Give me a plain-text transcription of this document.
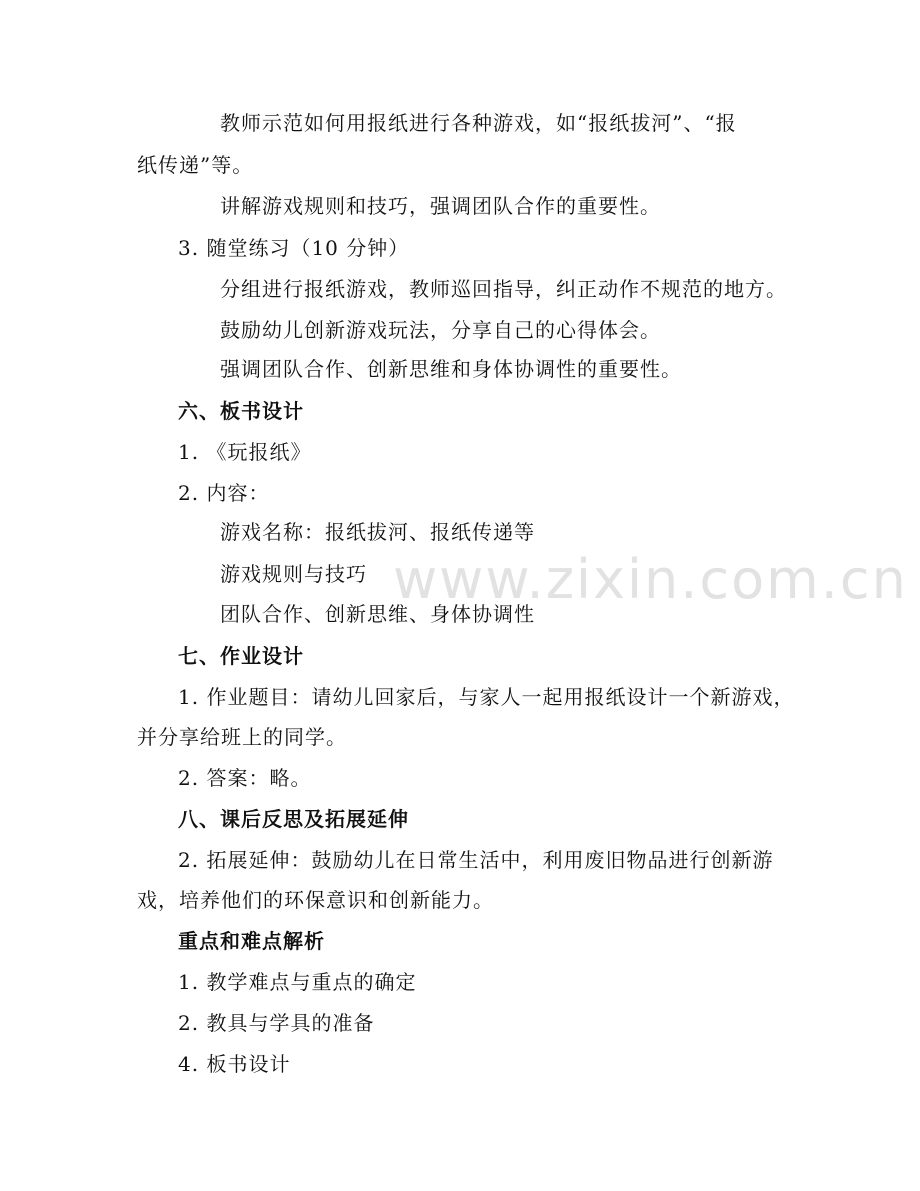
www.zixin.com.cn
教师示范如何用报纸进行各种游戏，如“报纸拔河”、“报
纸传递”等。
讲解游戏规则和技巧，强调团队合作的重要性。
3. 随堂练习（10 分钟）
分组进行报纸游戏，教师巡回指导，纠正动作不规范的地方。
鼓励幼儿创新游戏玩法，分享自己的心得体会。
强调团队合作、创新思维和身体协调性的重要性。
六、板书设计
1. 《玩报纸》
2. 内容：
游戏名称：报纸拔河、报纸传递等
游戏规则与技巧
团队合作、创新思维、身体协调性
七、作业设计
1. 作业题目：请幼儿回家后，与家人一起用报纸设计一个新游戏，
并分享给班上的同学。
2. 答案：略。
八、课后反思及拓展延伸
2. 拓展延伸：鼓励幼儿在日常生活中，利用废旧物品进行创新游
戏，培养他们的环保意识和创新能力。
重点和难点解析
1. 教学难点与重点的确定
2. 教具与学具的准备
4. 板书设计
